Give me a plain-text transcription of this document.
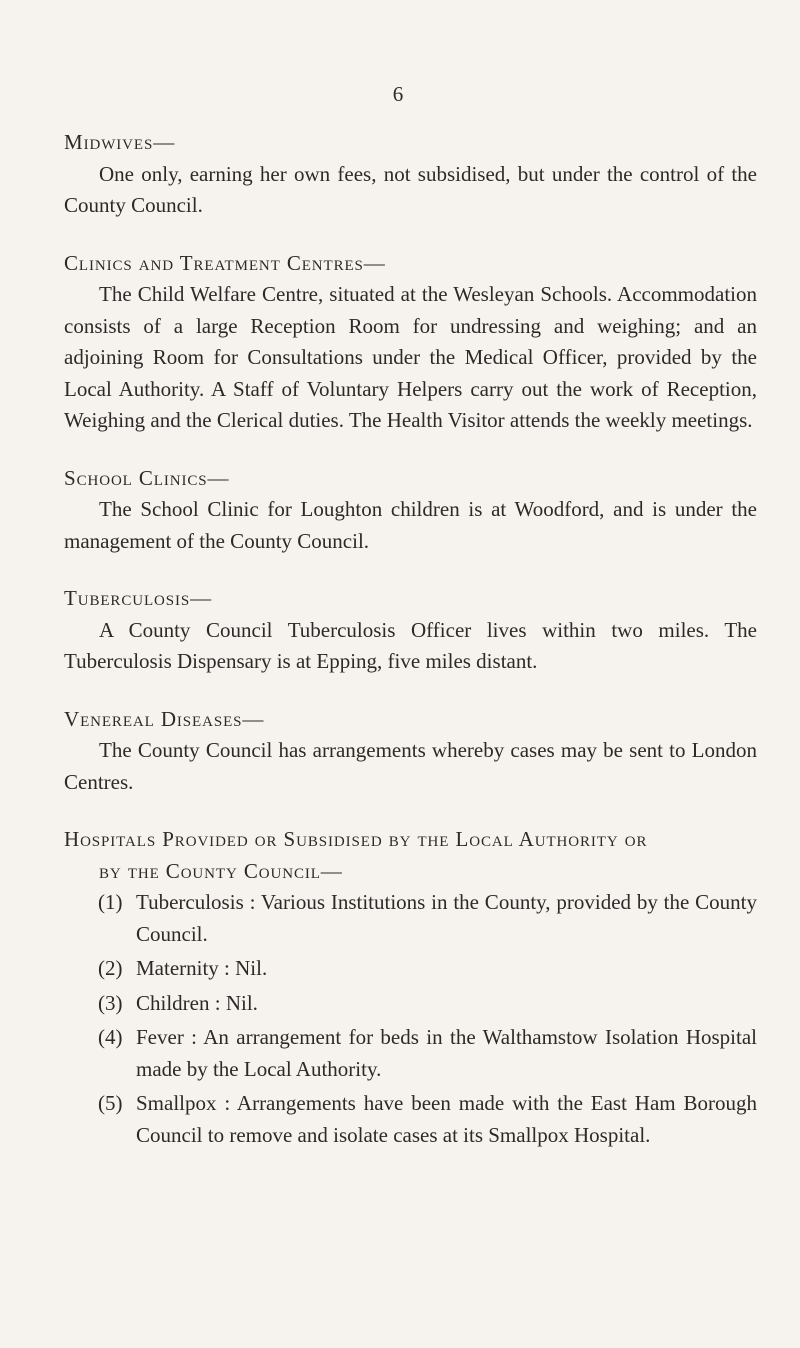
6
Midwives—

One only, earning her own fees, not subsidised, but under the control of the County Council.

Clinics and Treatment Centres—

The Child Welfare Centre, situated at the Wesleyan Schools. Accommodation consists of a large Reception Room for undressing and weighing; and an adjoining Room for Consultations under the Medical Officer, provided by the Local Authority. A Staff of Voluntary Helpers carry out the work of Reception, Weighing and the Clerical duties. The Health Visitor attends the weekly meetings.

School Clinics—

The School Clinic for Loughton children is at Woodford, and is under the management of the County Council.

Tuberculosis—

A County Council Tuberculosis Officer lives within two miles. The Tuberculosis Dispensary is at Epping, five miles distant.

Venereal Diseases—

The County Council has arrangements whereby cases may be sent to London Centres.

Hospitals Provided or Subsidised by the Local Authority or
by the County Council—
(1) Tuberculosis : Various Institutions in the County, provided by the County Council.
(2) Maternity : Nil.
(3) Children : Nil.
(4) Fever : An arrangement for beds in the Walthamstow Isolation Hospital made by the Local Authority.
(5) Smallpox : Arrangements have been made with the East Ham Borough Council to remove and isolate cases at its Smallpox Hospital.
